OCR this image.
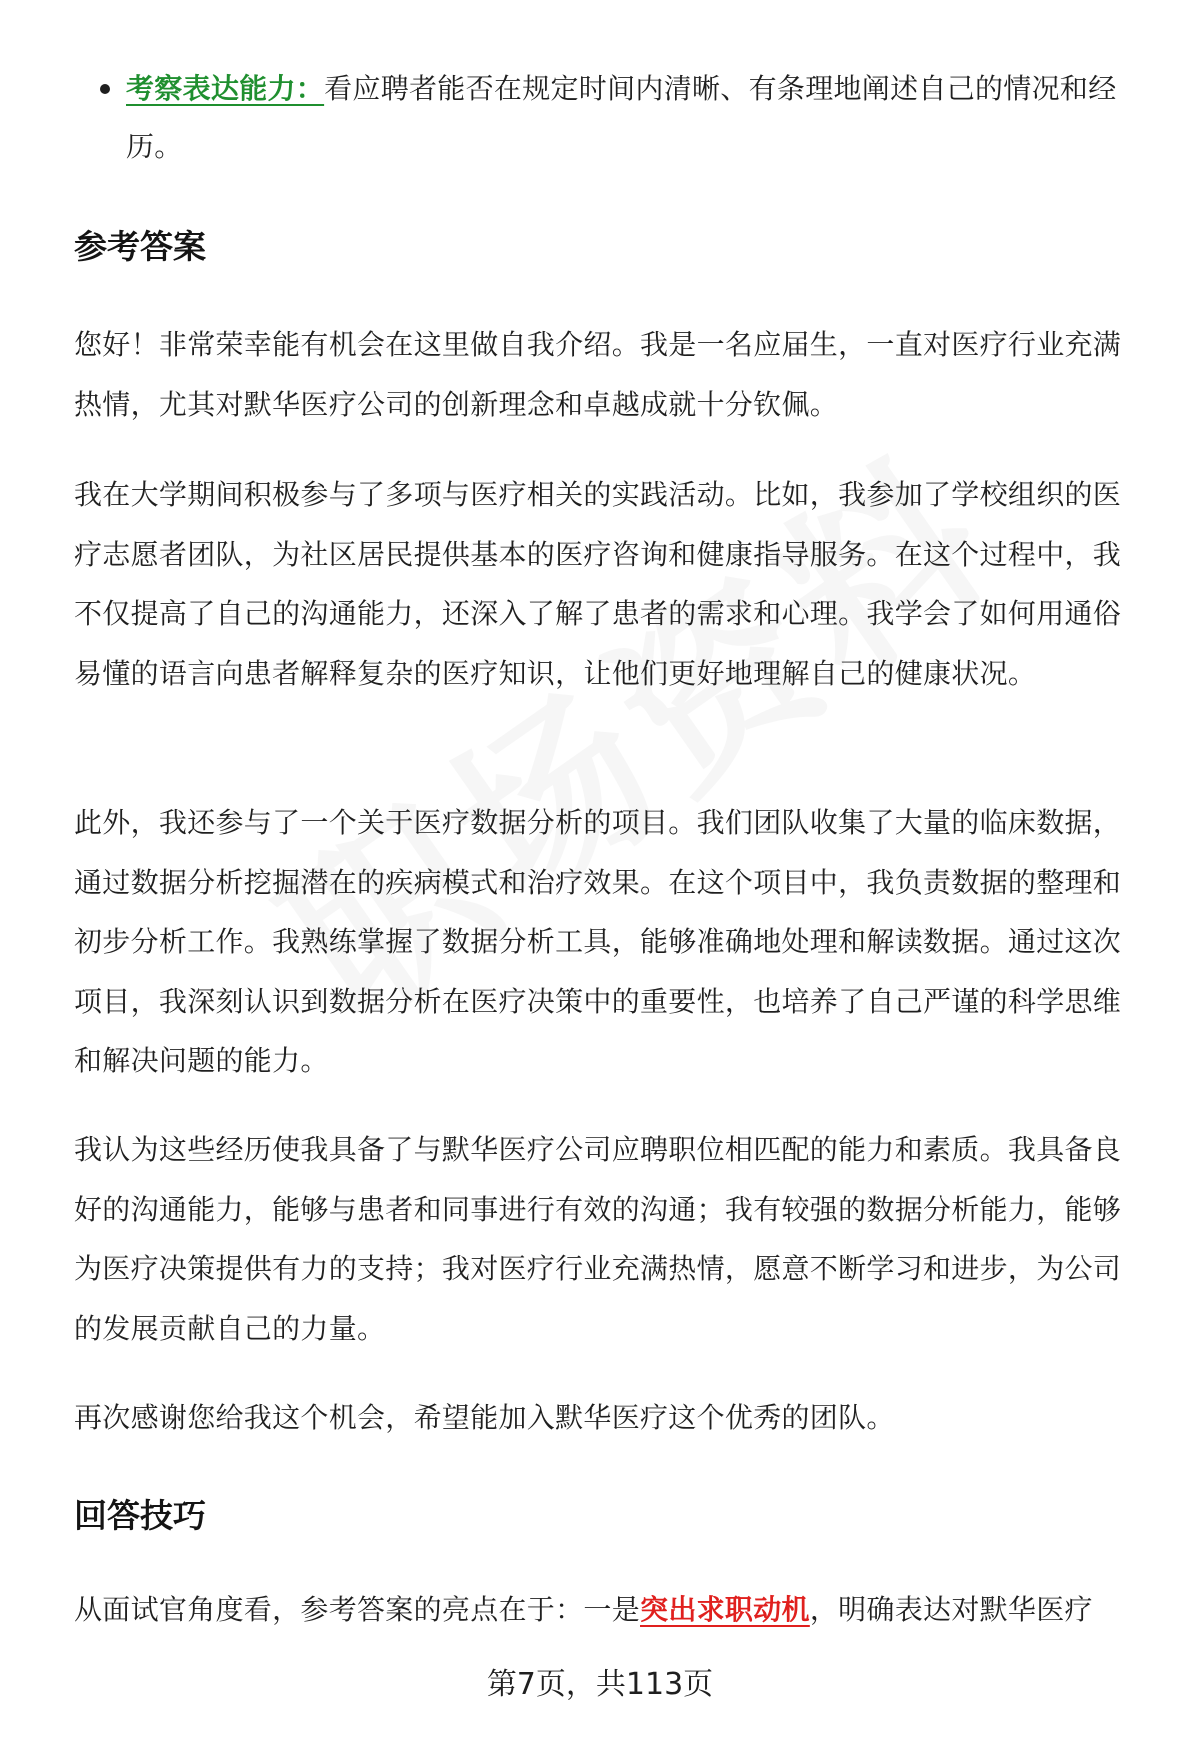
考察表达能力：看应聘者能否在规定时间内清晰、有条理地阐述自己的情况和经历。
参考答案

您好！非常荣幸能有机会在这里做自我介绍。我是一名应届生，一直对医疗行业充满热情，尤其对默华医疗公司的创新理念和卓越成就十分钦佩。

我在大学期间积极参与了多项与医疗相关的实践活动。比如，我参加了学校组织的医疗志愿者团队，为社区居民提供基本的医疗咨询和健康指导服务。在这个过程中，我不仅提高了自己的沟通能力，还深入了解了患者的需求和心理。我学会了如何用通俗易懂的语言向患者解释复杂的医疗知识，让他们更好地理解自己的健康状况。

此外，我还参与了一个关于医疗数据分析的项目。我们团队收集了大量的临床数据，通过数据分析挖掘潜在的疾病模式和治疗效果。在这个项目中，我负责数据的整理和初步分析工作。我熟练掌握了数据分析工具，能够准确地处理和解读数据。通过这次项目，我深刻认识到数据分析在医疗决策中的重要性，也培养了自己严谨的科学思维和解决问题的能力。

我认为这些经历使我具备了与默华医疗公司应聘职位相匹配的能力和素质。我具备良好的沟通能力，能够与患者和同事进行有效的沟通；我有较强的数据分析能力，能够为医疗决策提供有力的支持；我对医疗行业充满热情，愿意不断学习和进步，为公司的发展贡献自己的力量。

再次感谢您给我这个机会，希望能加入默华医疗这个优秀的团队。

回答技巧

从面试官角度看，参考答案的亮点在于：一是突出求职动机，明确表达对默华医疗

第7页，共113页
